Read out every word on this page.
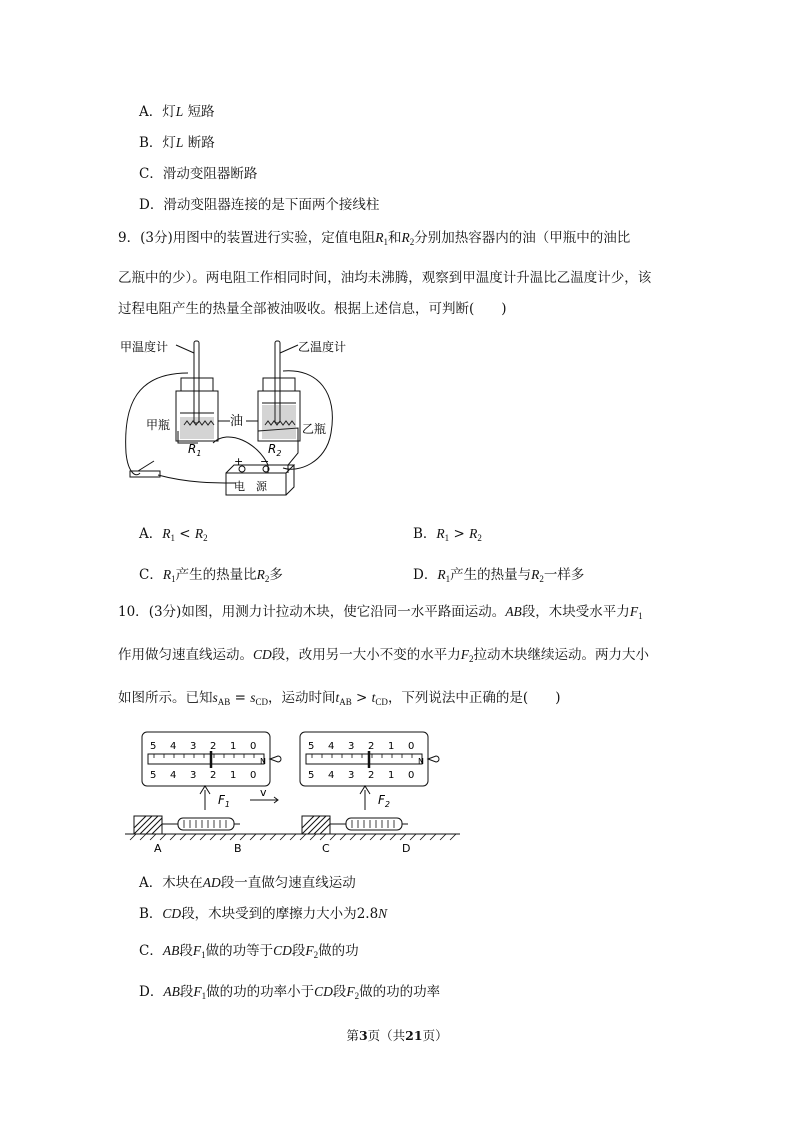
A．灯L 短路
B．灯L 断路
C．滑动变阻器断路
D．滑动变阻器连接的是下面两个接线柱
9．(3分)用图中的装置进行实验，定值电阻$R_1$和$R_2$分别加热容器内的油（甲瓶中的油比
乙瓶中的少）。两电阻工作相同时间，油均未沸腾，观察到甲温度计升温比乙温度计少，该
过程电阻产生的热量全部被油吸收。根据上述信息，可判断(　　)
甲温度计	乙温度计
甲瓶	乙瓶
油
$R_1$	$R_2$
+ −
电　源
A．$R_1 < R_2$	B．$R_1 > R_2$
C．$R_1$产生的热量比$R_2$多	D．$R_1$产生的热量与$R_2$一样多
10．(3分)如图，用测力计拉动木块，使它沿同一水平路面运动。AB段，木块受水平力$F_1$
作用做匀速直线运动。CD段，改用另一大小不变的水平力$F_2$拉动木块继续运动。两力大小
如图所示。已知$s_{AB} = s_{CD}$，运动时间$t_{AB} > t_{CD}$，下列说法中正确的是(　　)
5 4 3 2 1 0
5 4 3 2 1 0
N
5 4 3 2 1 0
5 4 3 2 1 0
N
$F_1$	$F_2$
v
A	B	C	D
A．木块在AD段一直做匀速直线运动
B．CD段，木块受到的摩擦力大小为2.8N
C．AB段$F_1$做的功等于CD段$F_2$做的功
D．AB段$F_1$做的功的功率小于CD段$F_2$做的功的功率
第3页（共21页）
